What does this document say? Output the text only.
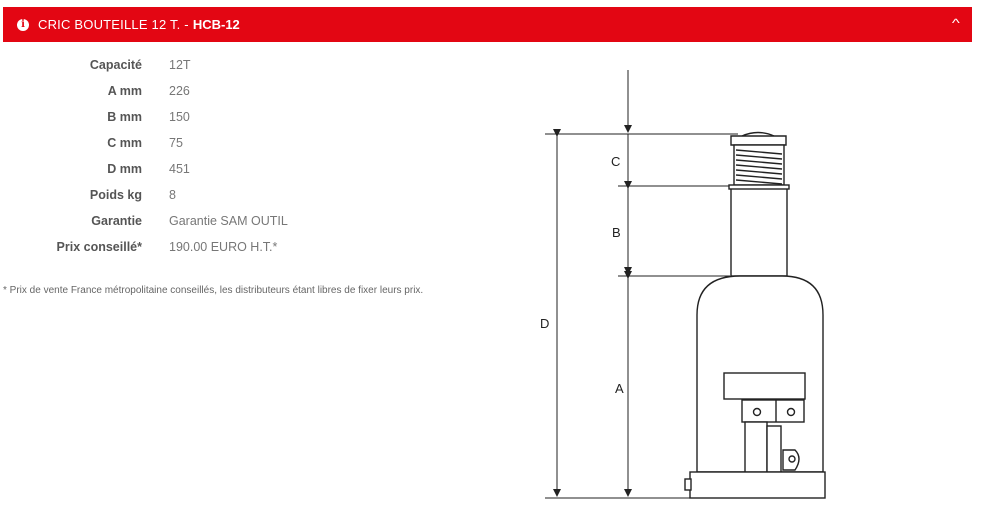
i	CRIC BOUTEILLE 12 T. - HCB-12	^
Capacité	12T
A mm	226
B mm	150
C mm	75
D mm	451
Poids kg	8
Garantie	Garantie SAM OUTIL
Prix conseillé*	190.00 EURO H.T.*
* Prix de vente France métropolitaine conseillés, les distributeurs étant libres de fixer leurs prix.
D
C
B
A
